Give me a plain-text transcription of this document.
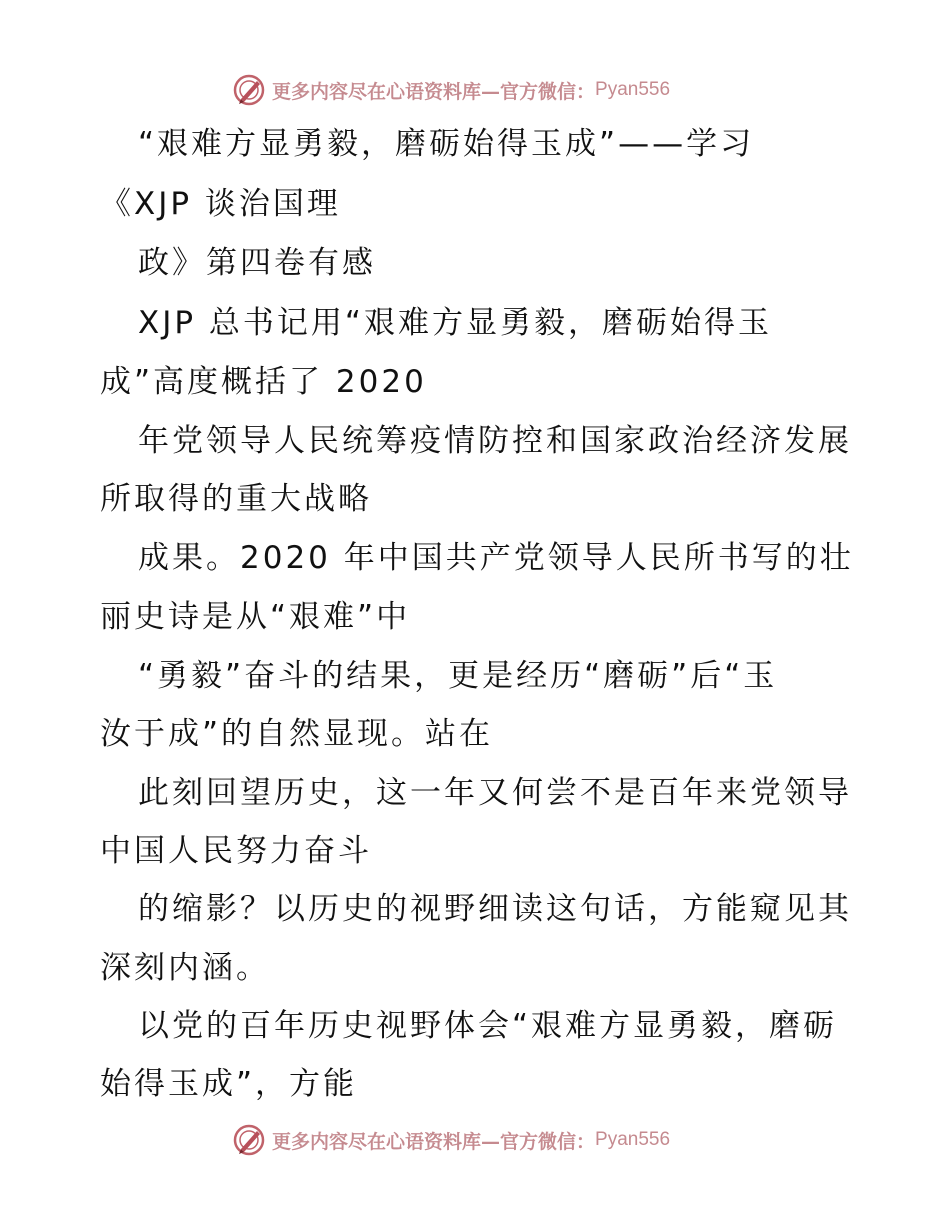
更多内容尽在心语资料库—官方微信： Pyan556
“艰难方显勇毅，磨砺始得玉成”——学习
《XJP 谈治国理
政》第四卷有感
XJP 总书记用“艰难方显勇毅，磨砺始得玉
成”高度概括了 2020
年党领导人民统筹疫情防控和国家政治经济发展
所取得的重大战略
成果。2020 年中国共产党领导人民所书写的壮
丽史诗是从“艰难”中
“勇毅”奋斗的结果，更是经历“磨砺”后“玉
汝于成”的自然显现。站在
此刻回望历史，这一年又何尝不是百年来党领导
中国人民努力奋斗
的缩影？以历史的视野细读这句话，方能窥见其
深刻内涵。
以党的百年历史视野体会“艰难方显勇毅，磨砺
始得玉成”，方能
更多内容尽在心语资料库—官方微信： Pyan556
